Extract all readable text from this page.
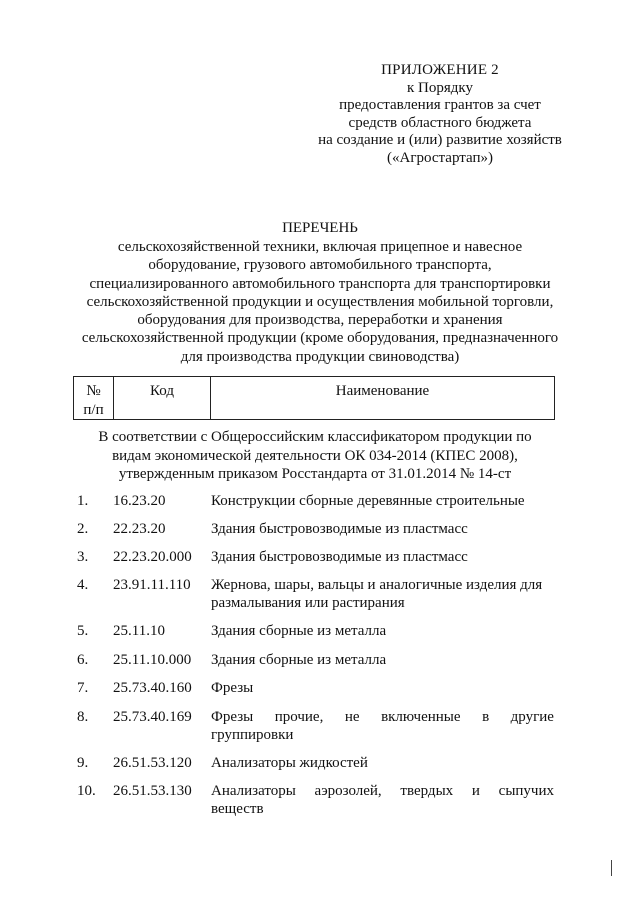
ПРИЛОЖЕНИЕ 2
к Порядку
предоставления грантов за счет
средств областного бюджета
на создание и (или) развитие хозяйств
(«Агростартап»)
ПЕРЕЧЕНЬ
сельскохозяйственной техники, включая прицепное и навесное
оборудование, грузового автомобильного транспорта,
специализированного автомобильного транспорта для транспортировки
сельскохозяйственной продукции и осуществления мобильной торговли,
оборудования для производства, переработки и хранения
сельскохозяйственной продукции (кроме оборудования, предназначенного
для производства продукции свиноводства)
№
п/п
Код	Наименование
В соответствии с Общероссийским классификатором продукции по
видам экономической деятельности ОК 034-2014 (КПЕС 2008),
утвержденным приказом Росстандарта от 31.01.2014 № 14-ст
1. 16.23.20	Конструкции сборные деревянные строительные
2. 22.23.20	Здания быстровозводимые из пластмасс
3. 22.23.20.000 Здания быстровозводимые из пластмасс
4. 23.91.11.110 Жернова, шары, вальцы и аналогичные изделия для
размалывания или растирания
5. 25.11.10	Здания сборные из металла
6. 25.11.10.000 Здания сборные из металла
7. 25.73.40.160 Фрезы
8. 25.73.40.169 Фрезы прочие, не включенные в другие
группировки
9. 26.51.53.120 Анализаторы жидкостей
10. 26.51.53.130 Анализаторы аэрозолей, твердых и сыпучих
веществ
